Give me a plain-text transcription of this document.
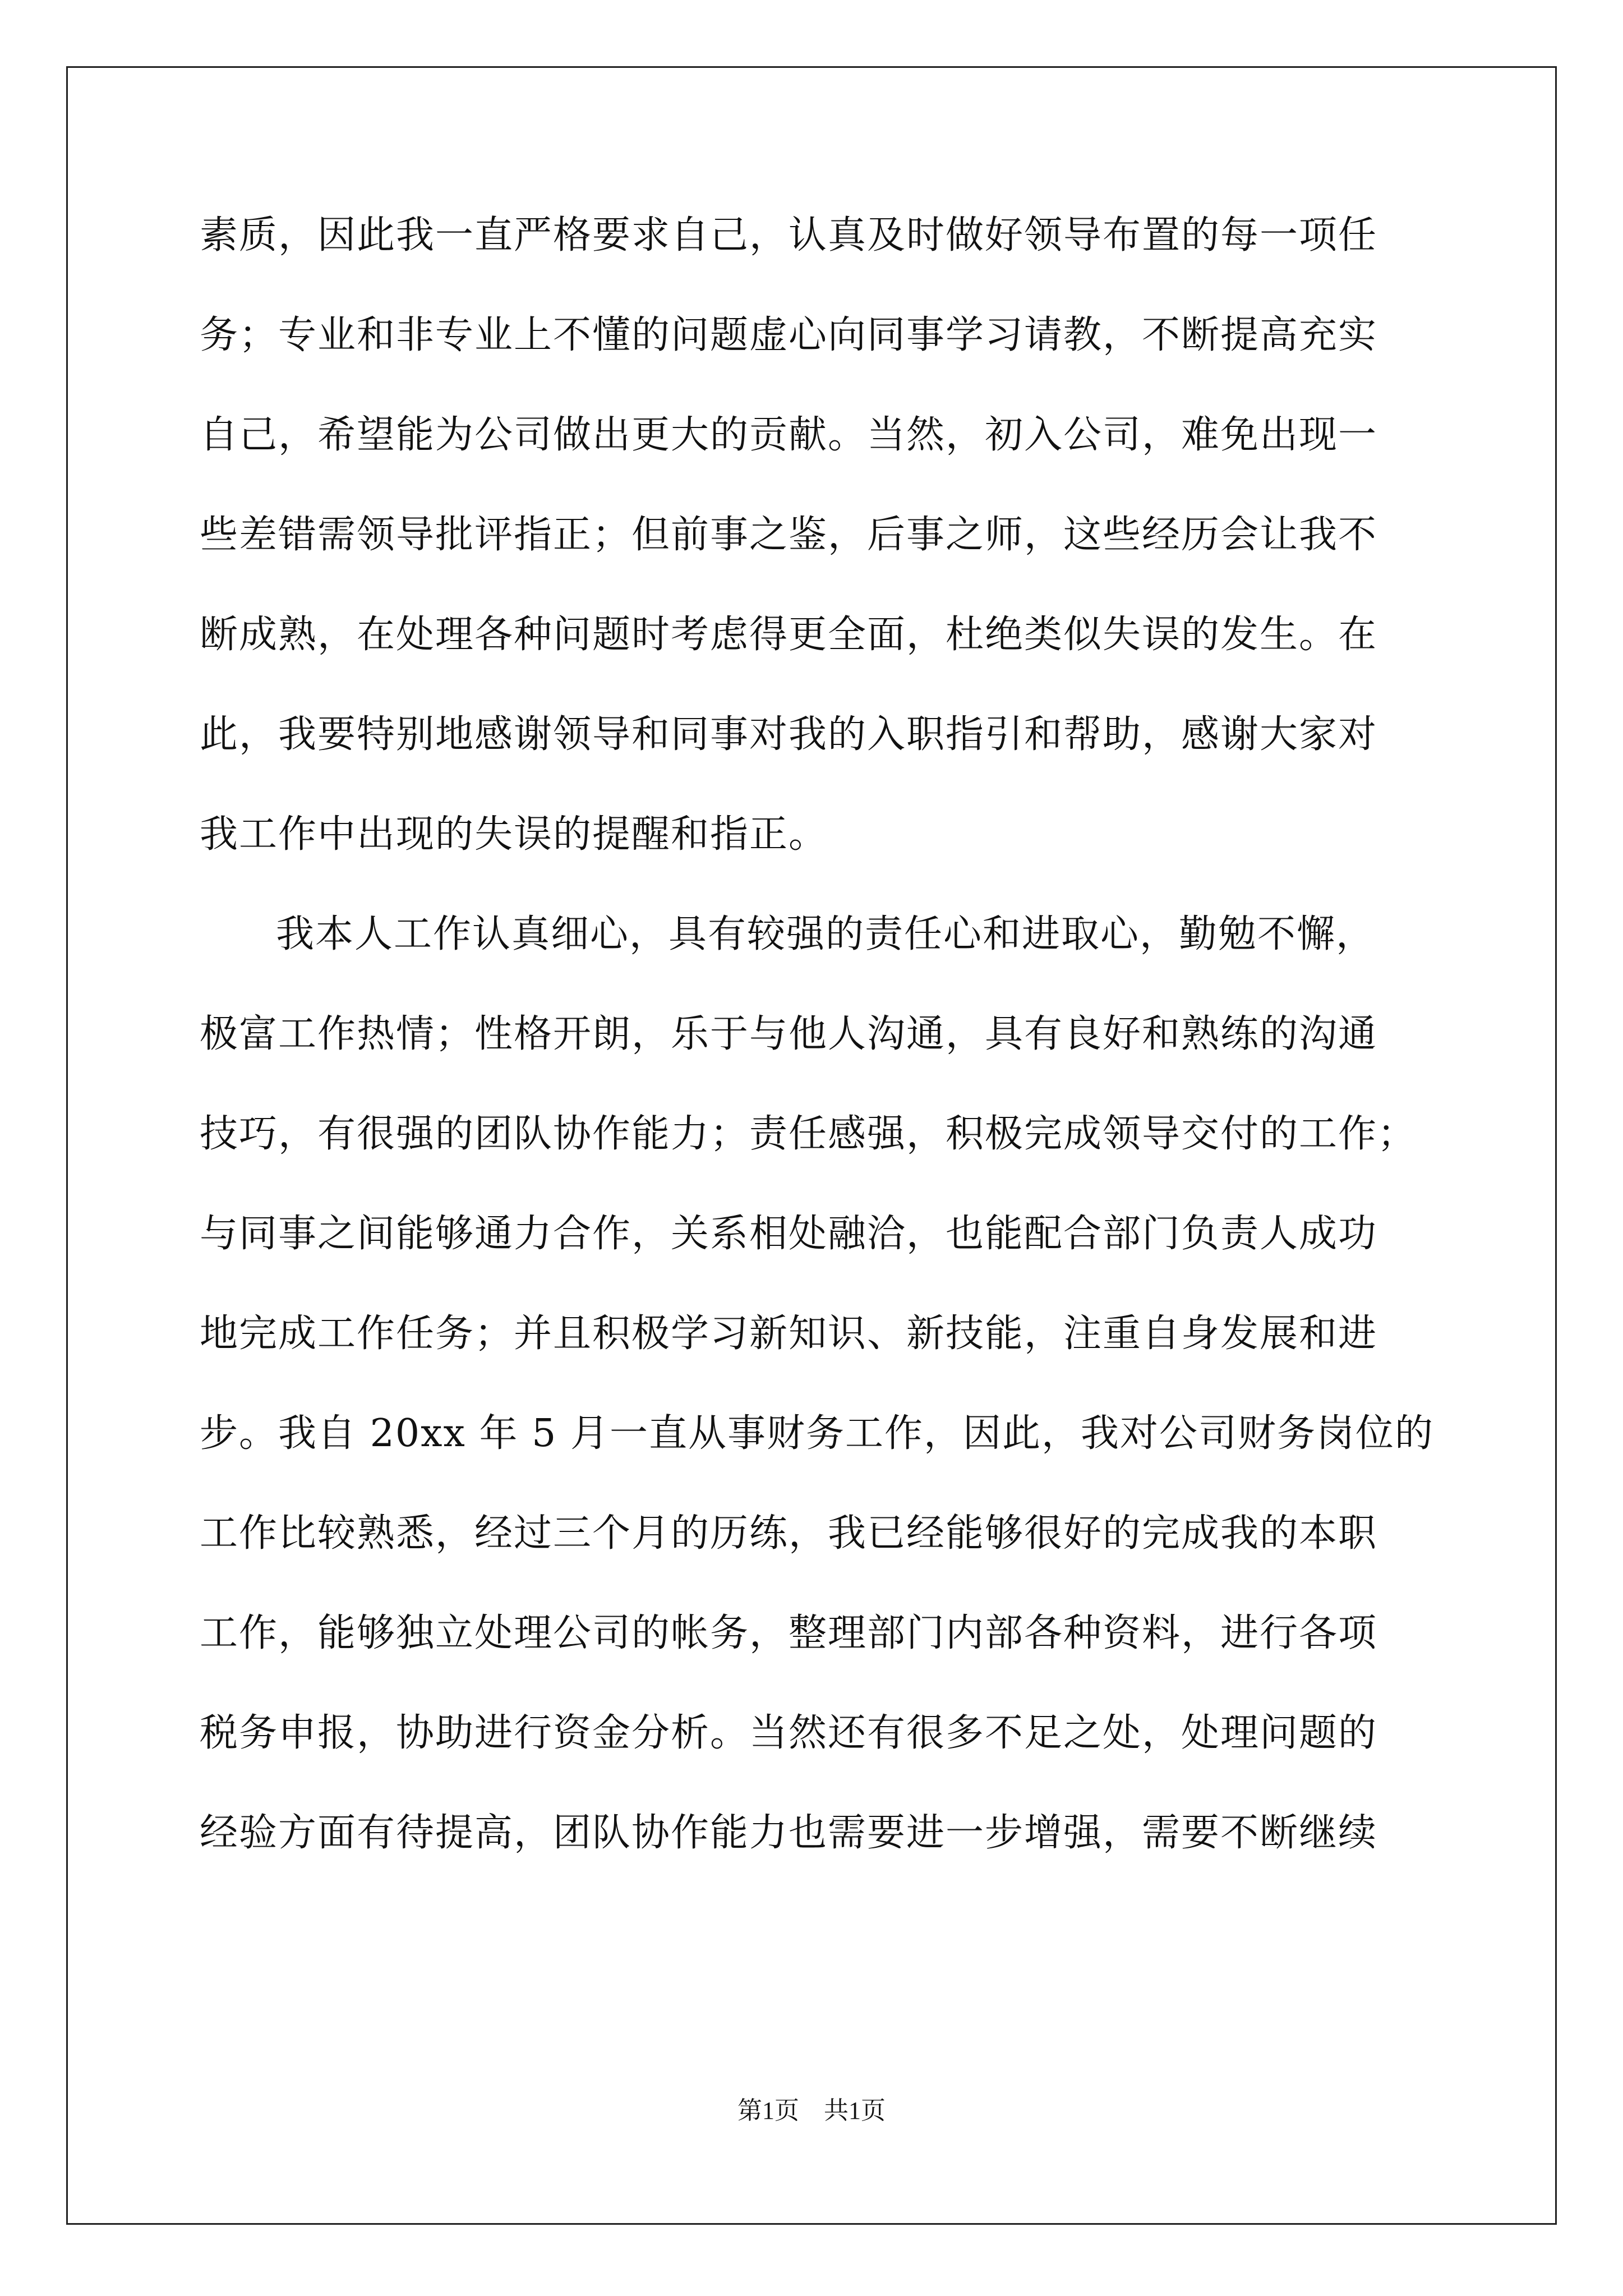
素质，因此我一直严格要求自己，认真及时做好领导布置的每一项任
务；专业和非专业上不懂的问题虚心向同事学习请教，不断提高充实
自己，希望能为公司做出更大的贡献。当然，初入公司，难免出现一
些差错需领导批评指正；但前事之鉴，后事之师，这些经历会让我不
断成熟，在处理各种问题时考虑得更全面，杜绝类似失误的发生。在
此，我要特别地感谢领导和同事对我的入职指引和帮助，感谢大家对
我工作中出现的失误的提醒和指正。
我本人工作认真细心，具有较强的责任心和进取心，勤勉不懈，
极富工作热情；性格开朗，乐于与他人沟通，具有良好和熟练的沟通
技巧，有很强的团队协作能力；责任感强，积极完成领导交付的工作；
与同事之间能够通力合作，关系相处融洽，也能配合部门负责人成功
地完成工作任务；并且积极学习新知识、新技能，注重自身发展和进
步。我自 20xx 年 5 月一直从事财务工作，因此，我对公司财务岗位的
工作比较熟悉，经过三个月的历练，我已经能够很好的完成我的本职
工作，能够独立处理公司的帐务，整理部门内部各种资料，进行各项
税务申报，协助进行资金分析。当然还有很多不足之处，处理问题的
经验方面有待提高，团队协作能力也需要进一步增强，需要不断继续
第1页　共1页
